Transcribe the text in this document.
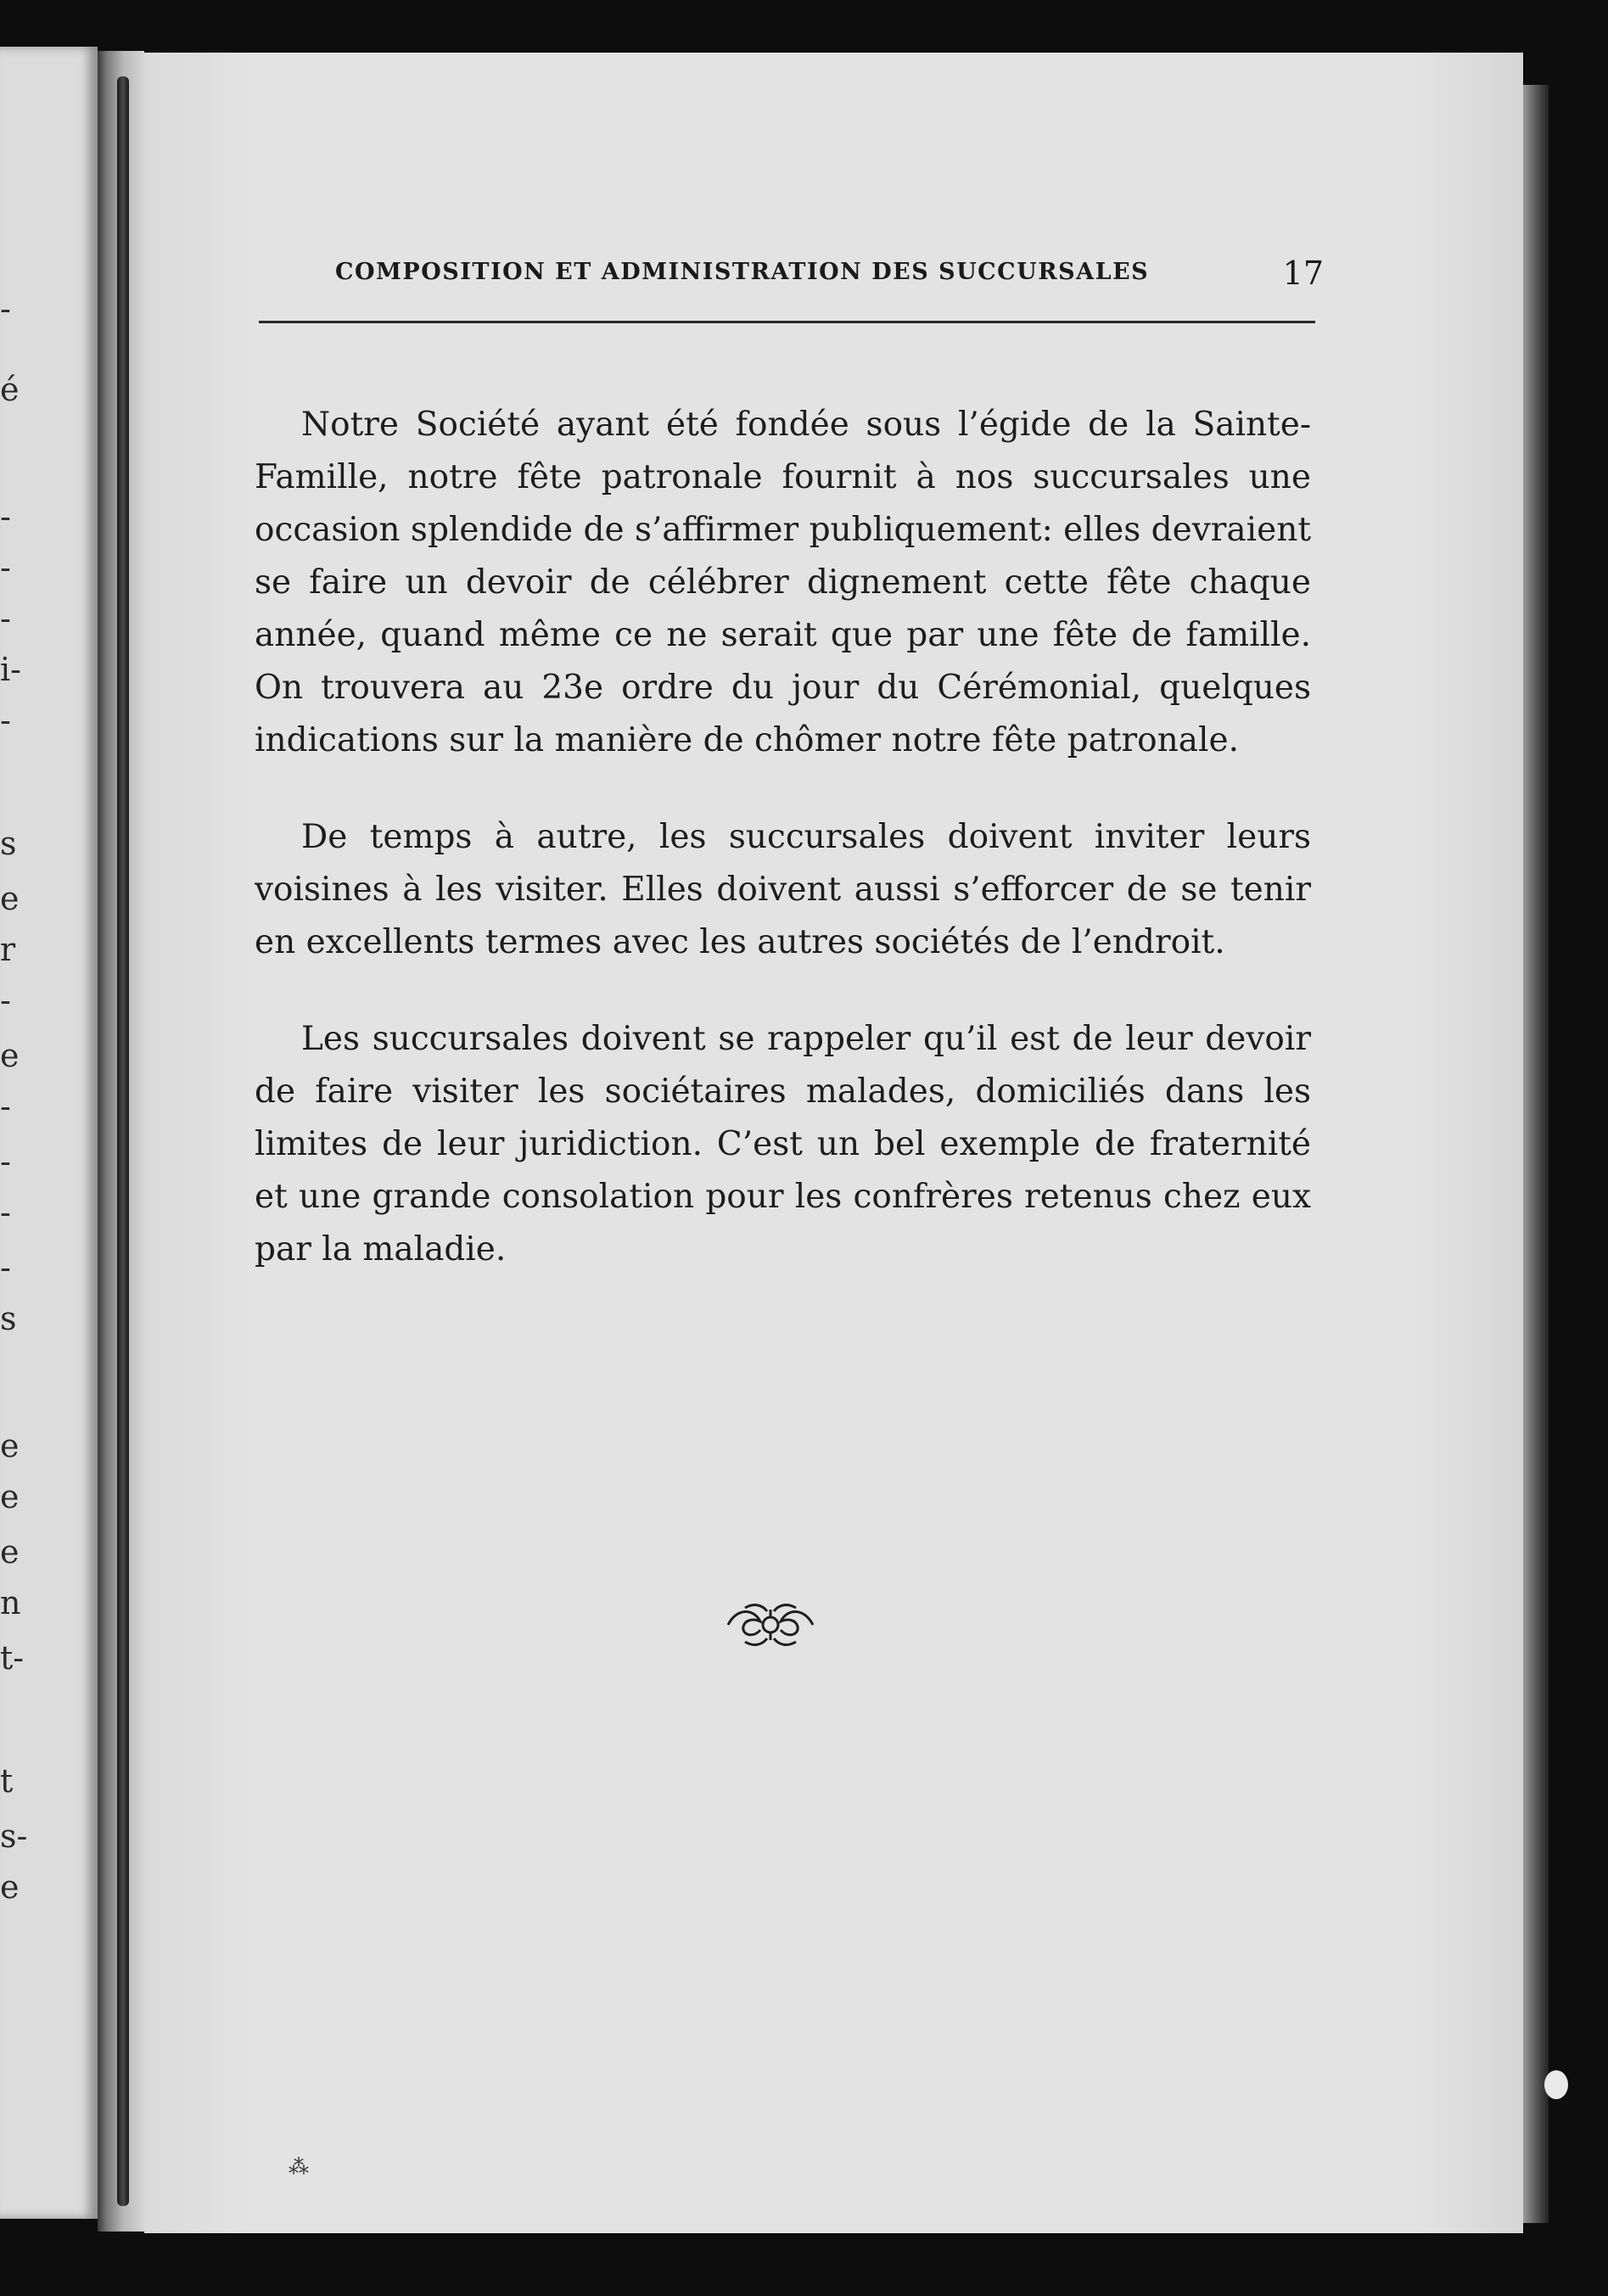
-
é
-
-
-
i-
-
s
e
r
-
e
-
-
-
-
s
e
e
e
n
t-
t
s-
e
COMPOSITION ET ADMINISTRATION DES SUCCURSALES	17

Notre Société ayant été fondée sous l’égide de la Sainte-Famille, notre fête patronale fournit à nos succursales une occasion splendide de s’affirmer publiquement: elles devraient se faire un devoir de célébrer dignement cette fête chaque année, quand même ce ne serait que par une fête de famille. On trouvera au 23e ordre du jour du Cérémonial, quelques indications sur la manière de chômer notre fête patronale.

De temps à autre, les succursales doivent inviter leurs voisines à les visiter. Elles doivent aussi s’efforcer de se tenir en excellents termes avec les autres sociétés de l’endroit.

Les succursales doivent se rappeler qu’il est de leur devoir de faire visiter les sociétaires malades, domiciliés dans les limites de leur juridiction. C’est un bel exemple de fraternité et une grande consolation pour les confrères retenus chez eux par la maladie.

⁂
